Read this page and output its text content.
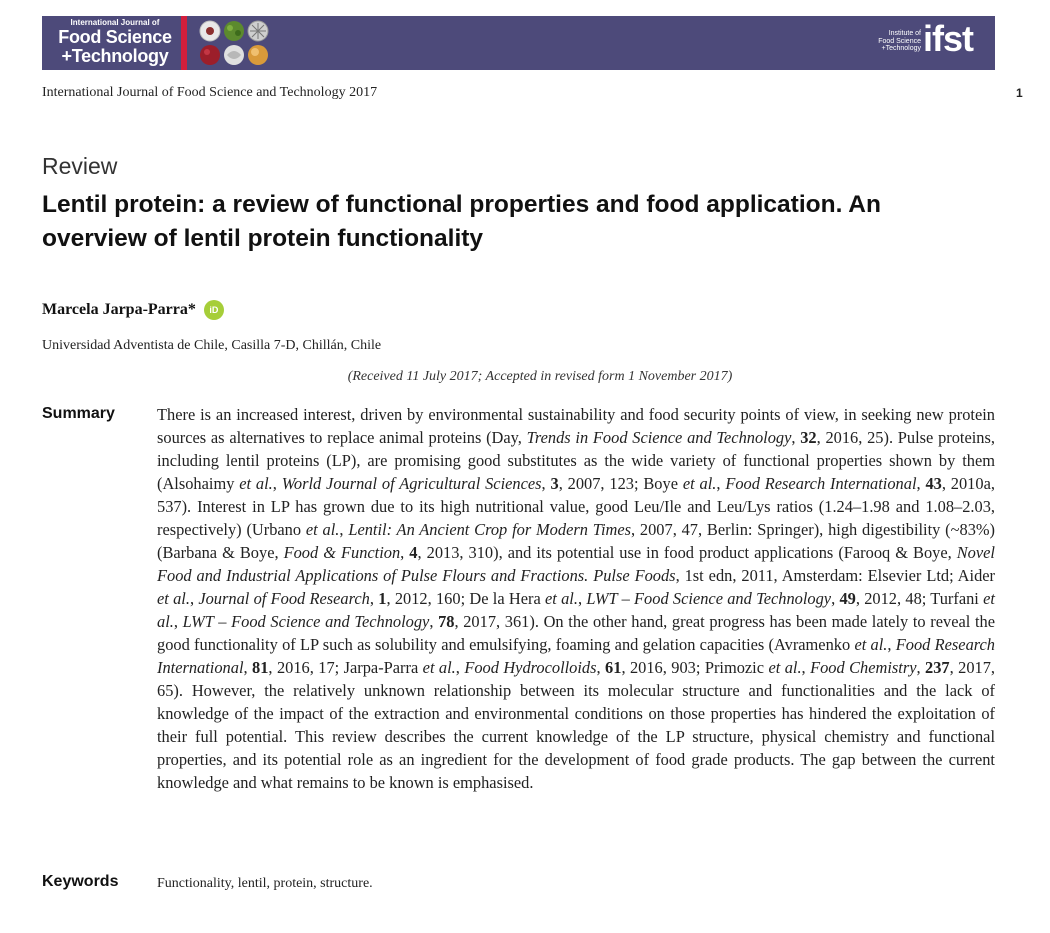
International Journal of
Food Science
+Technology
Institute of
Food Science
+Technology ifst
International Journal of Food Science and Technology 2017	1
Review
Lentil protein: a review of functional properties and food application. An overview of lentil protein functionality
Marcela Jarpa-Parra*	iD
Universidad Adventista de Chile, Casilla 7-D, Chillán, Chile
(Received 11 July 2017; Accepted in revised form 1 November 2017)
Summary	There is an increased interest, driven by environmental sustainability and food security points of view, in seeking new protein sources as alternatives to replace animal proteins (Day, Trends in Food Science and Technology, 32, 2016, 25). Pulse proteins, including lentil proteins (LP), are promising good substitutes as the wide variety of functional properties shown by them (Alsohaimy et al., World Journal of Agricultural Sciences, 3, 2007, 123; Boye et al., Food Research International, 43, 2010a, 537). Interest in LP has grown due to its high nutritional value, good Leu/Ile and Leu/Lys ratios (1.24–1.98 and 1.08–2.03, respectively) (Urbano et al., Lentil: An Ancient Crop for Modern Times, 2007, 47, Berlin: Springer), high digestibility (~83%) (Barbana & Boye, Food & Function, 4, 2013, 310), and its potential use in food product applications (Farooq & Boye, Novel Food and Industrial Applications of Pulse Flours and Fractions. Pulse Foods, 1st edn, 2011, Amsterdam: Elsevier Ltd; Aider et al., Journal of Food Research, 1, 2012, 160; De la Hera et al., LWT – Food Science and Technology, 49, 2012, 48; Turfani et al., LWT – Food Science and Technology, 78, 2017, 361). On the other hand, great progress has been made lately to reveal the good functionality of LP such as solubility and emulsifying, foaming and gelation capacities (Avramenko et al., Food Research International, 81, 2016, 17; Jarpa-Parra et al., Food Hydrocolloids, 61, 2016, 903; Primozic et al., Food Chemistry, 237, 2017, 65). However, the relatively unknown relationship between its molecular structure and functionalities and the lack of knowledge of the impact of the extraction and environmental conditions on those properties has hindered the exploitation of their full potential. This review describes the current knowledge of the LP structure, physical chemistry and functional properties, and its potential role as an ingredient for the development of food grade products. The gap between the current knowledge and what remains to be known is emphasised.

Keywords	Functionality, lentil, protein, structure.
